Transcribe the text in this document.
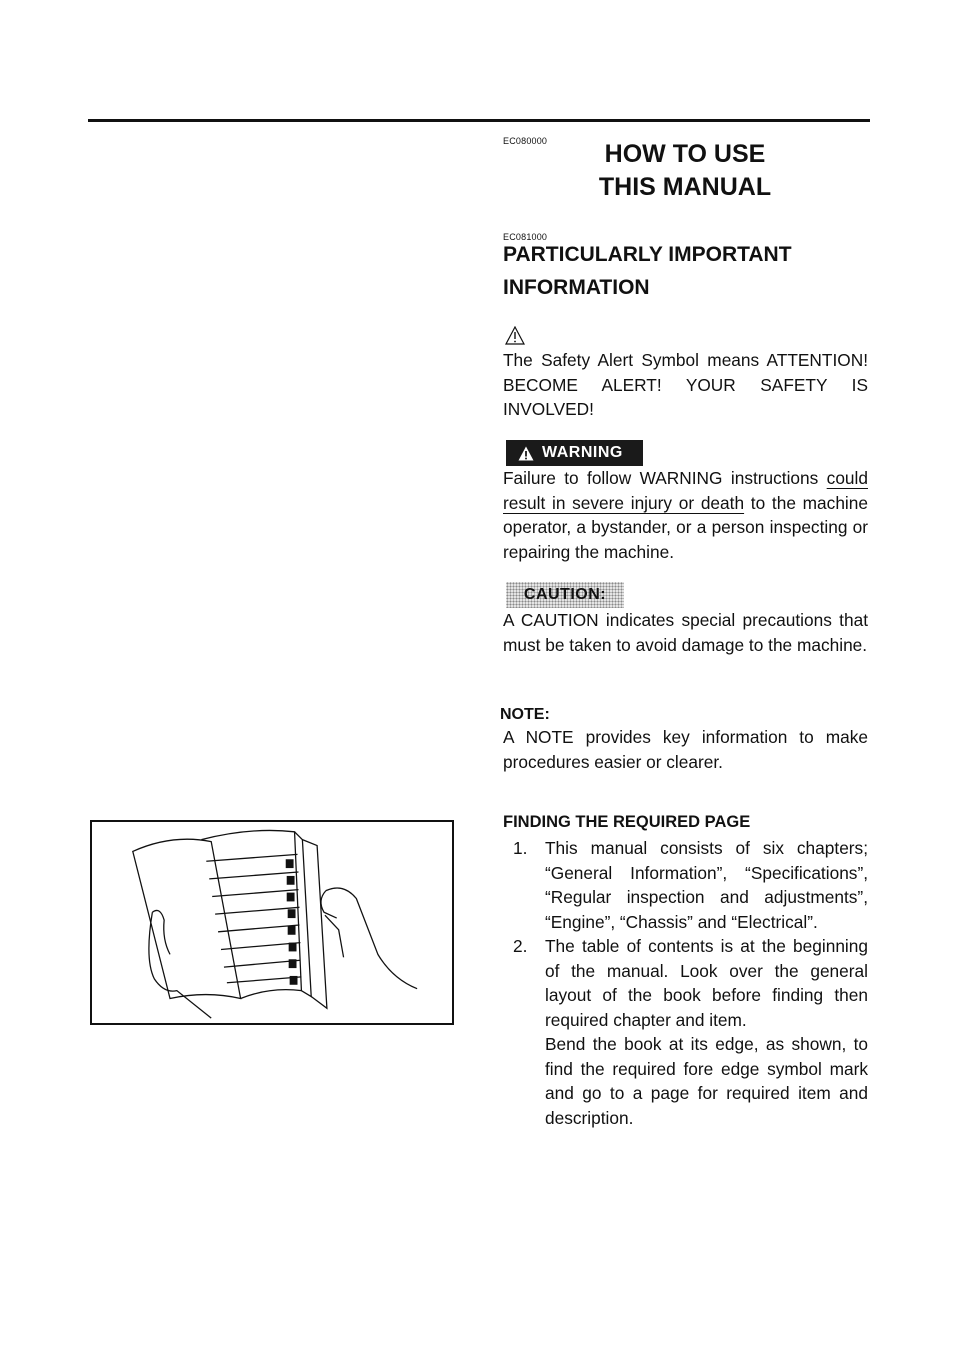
EC080000	HOW TO USE
THIS MANUAL
EC081000
PARTICULARLY IMPORTANT
INFORMATION

The Safety Alert Symbol means ATTENTION! BECOME ALERT! YOUR SAFETY IS INVOLVED!

WARNING

Failure to follow WARNING instructions could result in severe injury or death to the machine operator, a bystander, or a person inspecting or repairing the machine.

CAUTION:

A CAUTION indicates special precautions that must be taken to avoid damage to the machine.

NOTE:

A NOTE provides key information to make procedures easier or clearer.

FINDING THE REQUIRED PAGE
1. This manual consists of six chapters; “General Information”, “Specifications”, “Regular inspection and adjustments”, “Engine”, “Chassis” and “Electrical”.

2. The table of contents is at the beginning of the manual. Look over the general layout of the book before finding then required chapter and item.

Bend the book at its edge, as shown, to find the required fore edge symbol mark and go to a page for required item and description.
